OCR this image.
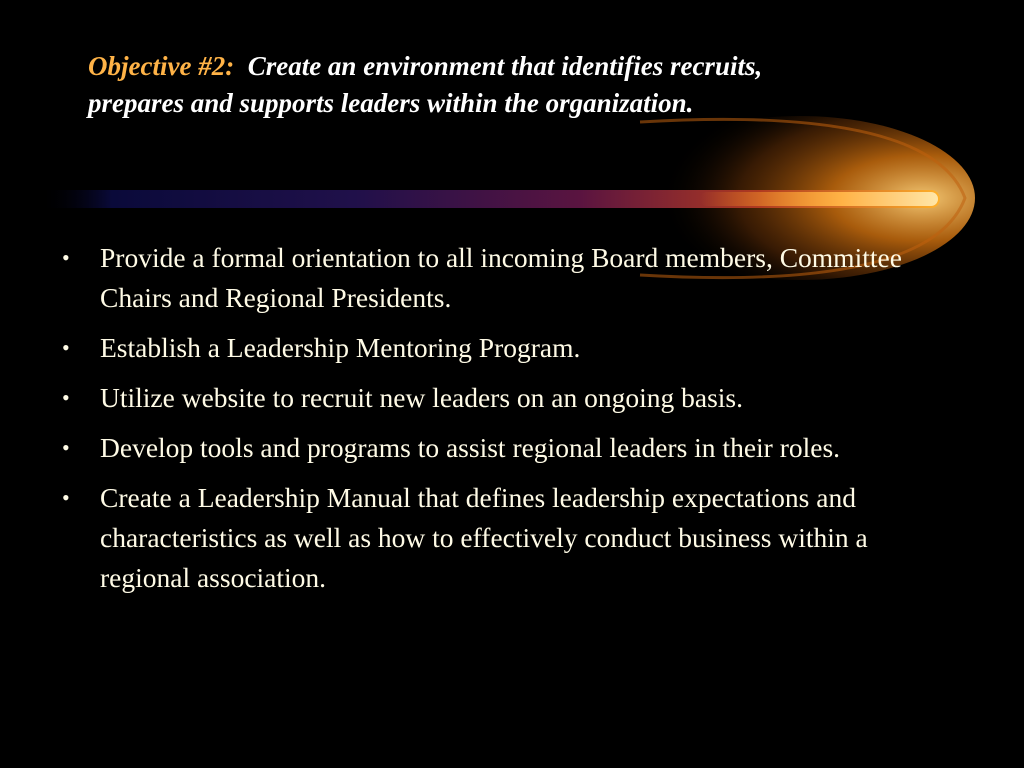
Objective #2: Create an environment that identifies recruits, prepares and supports leaders within the organization.
• Provide a formal orientation to all incoming Board members, Committee Chairs and Regional Presidents.
• Establish a Leadership Mentoring Program.
• Utilize website to recruit new leaders on an ongoing basis.
• Develop tools and programs to assist regional leaders in their roles.
• Create a Leadership Manual that defines leadership expectations and characteristics as well as how to effectively conduct business within a regional association.
